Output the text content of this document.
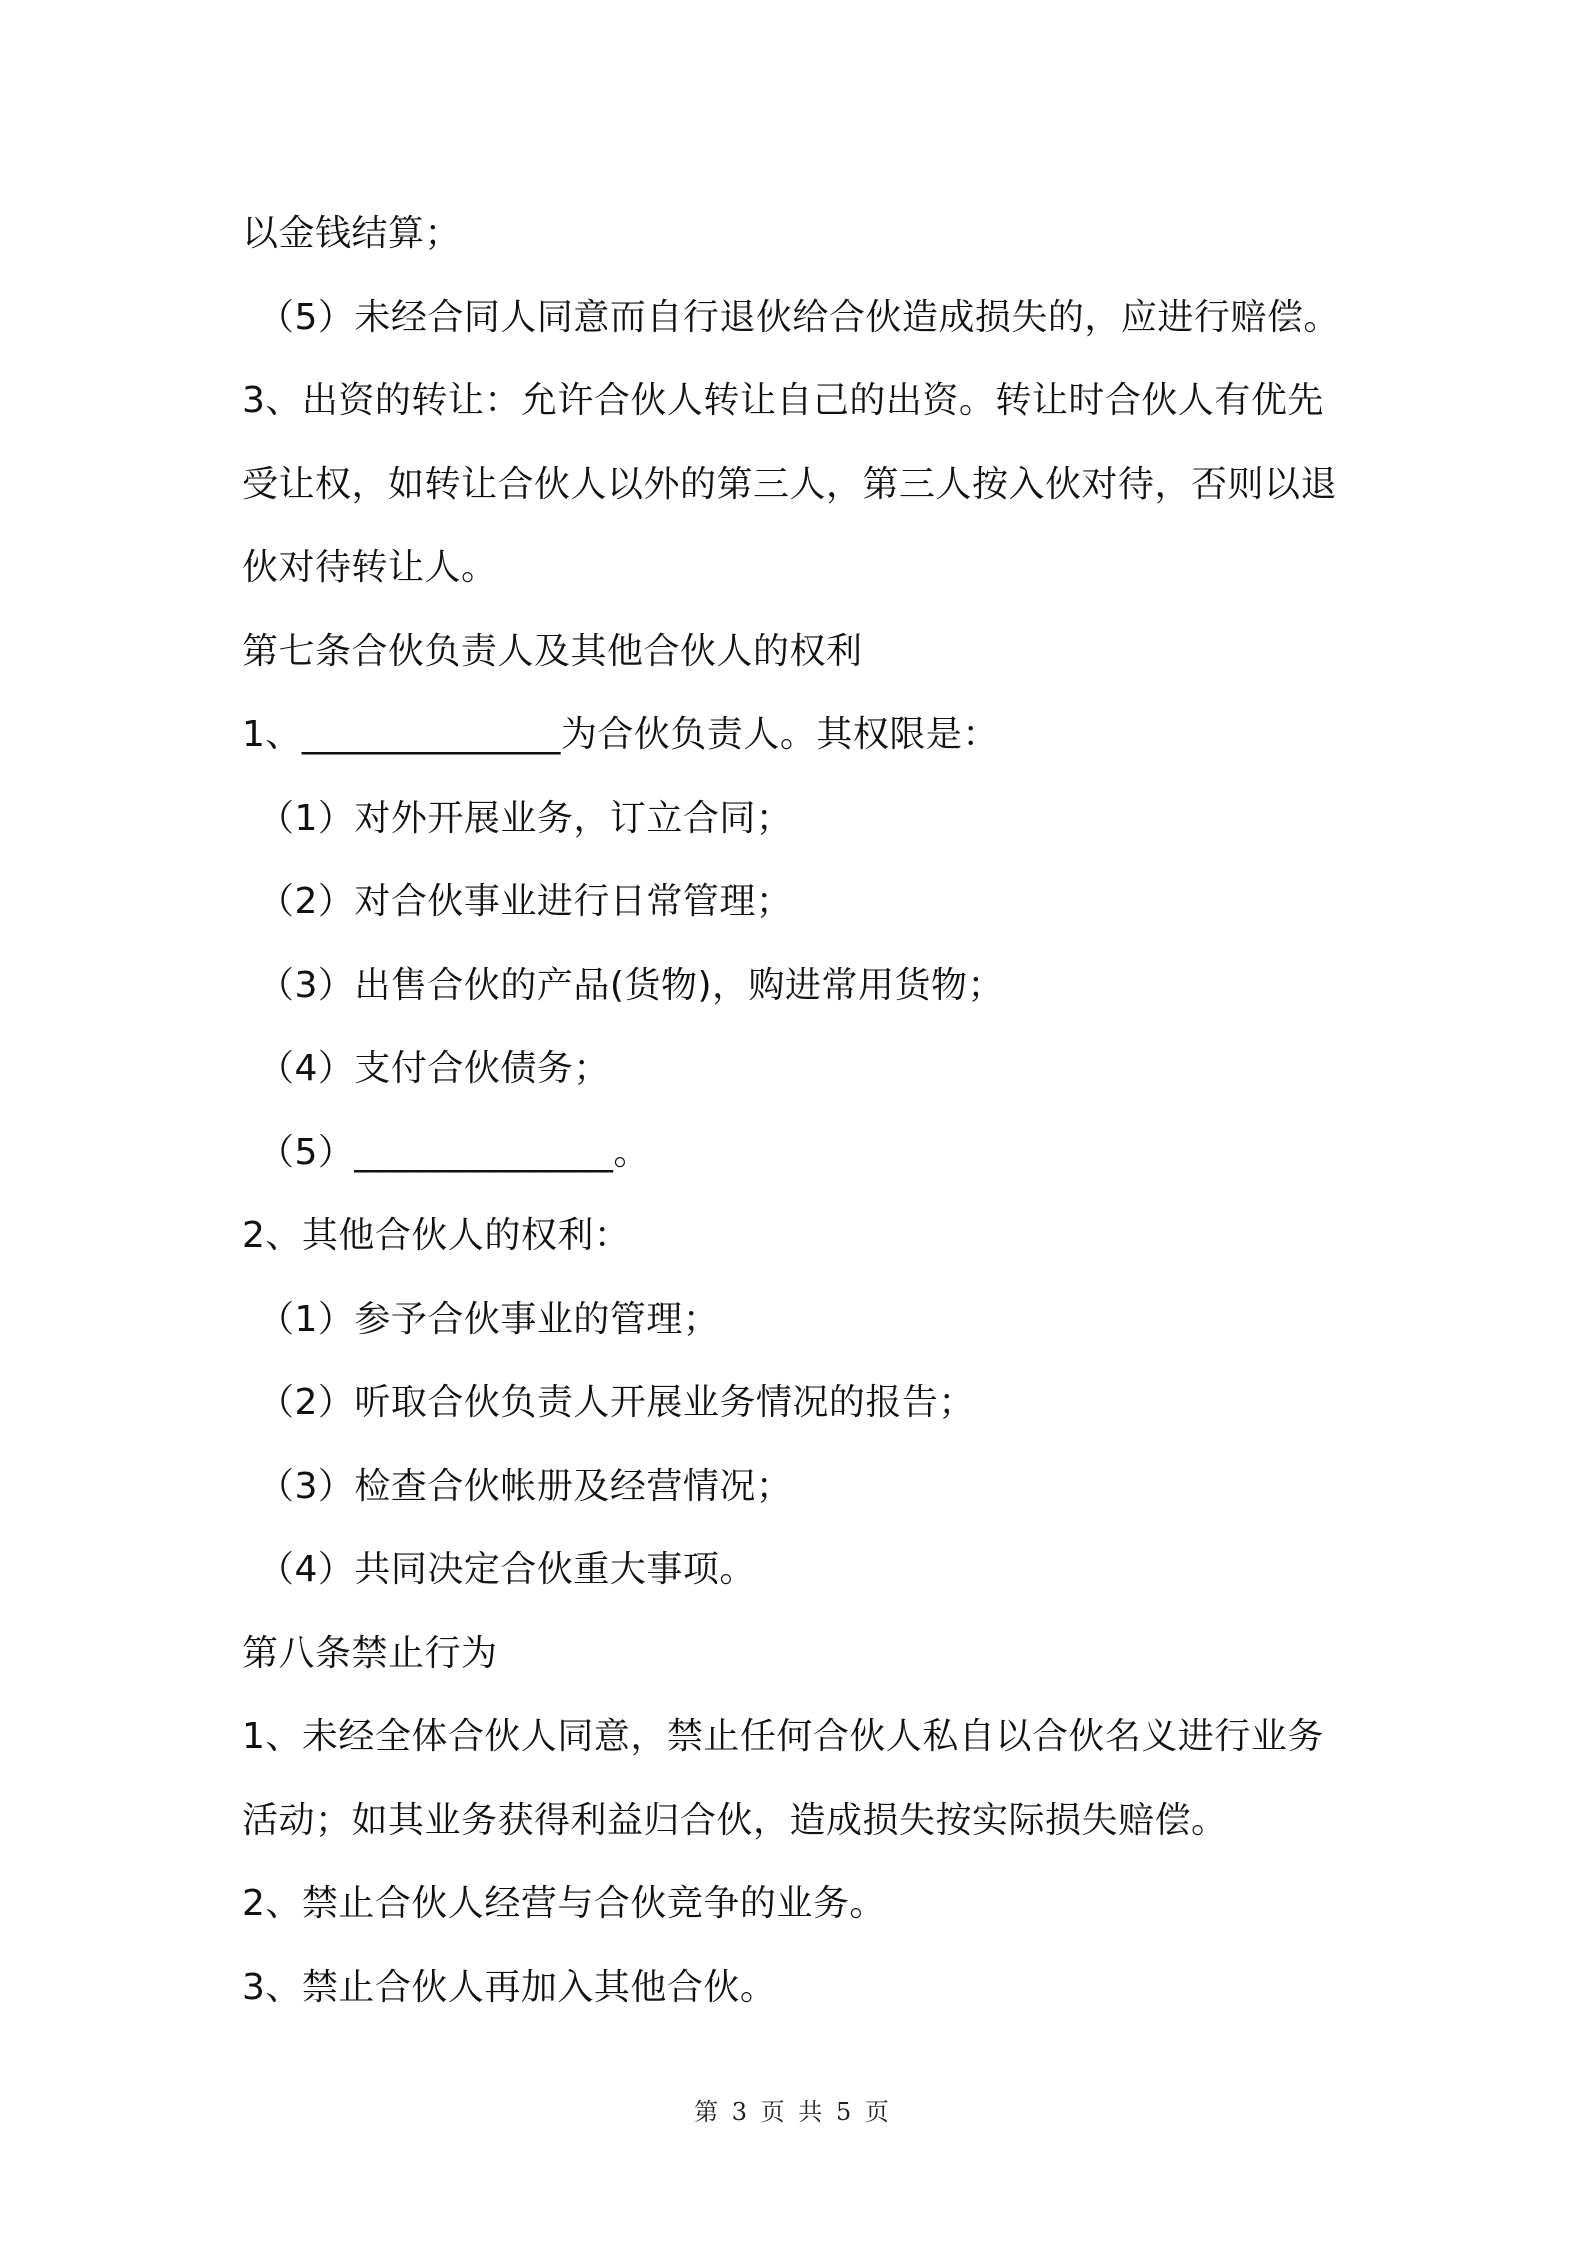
以金钱结算；
（5）未经合同人同意而自行退伙给合伙造成损失的，应进行赔偿。
3、出资的转让：允许合伙人转让自己的出资。转让时合伙人有优先
受让权，如转让合伙人以外的第三人，第三人按入伙对待，否则以退
伙对待转让人。
第七条合伙负责人及其他合伙人的权利
1、______________为合伙负责人。其权限是：
（1）对外开展业务，订立合同；
（2）对合伙事业进行日常管理；
（3）出售合伙的产品(货物)，购进常用货物；
（4）支付合伙债务；
（5）______________。
2、其他合伙人的权利：
（1）参予合伙事业的管理；
（2）听取合伙负责人开展业务情况的报告；
（3）检查合伙帐册及经营情况；
（4）共同决定合伙重大事项。
第八条禁止行为
1、未经全体合伙人同意，禁止任何合伙人私自以合伙名义进行业务
活动；如其业务获得利益归合伙，造成损失按实际损失赔偿。
2、禁止合伙人经营与合伙竞争的业务。
3、禁止合伙人再加入其他合伙。
第 3 页 共 5 页
